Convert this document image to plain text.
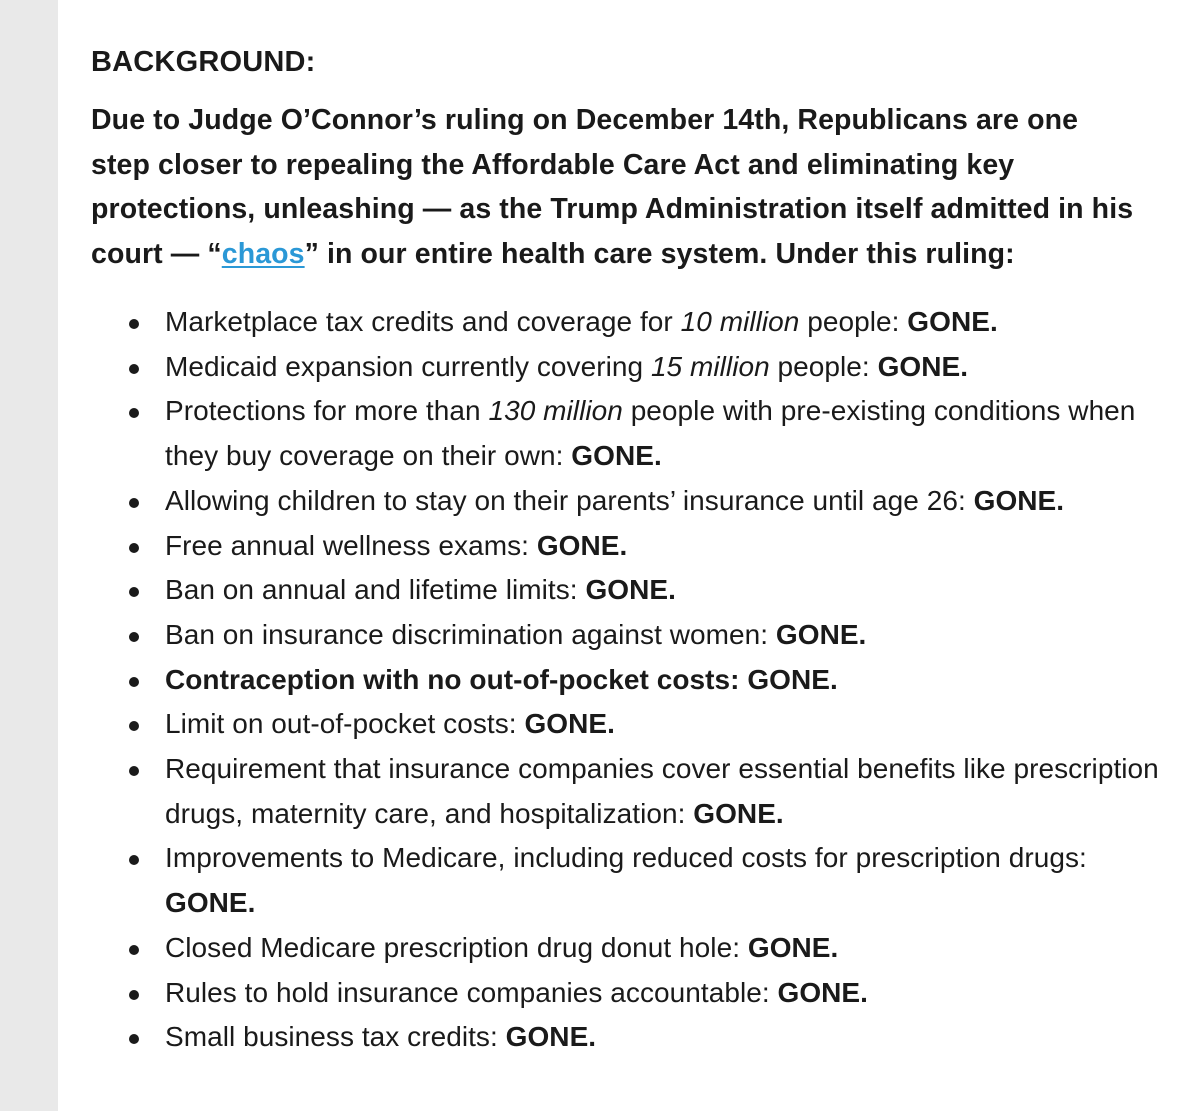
BACKGROUND:

Due to Judge O’Connor’s ruling on December 14th, Republicans are one step closer to repealing the Affordable Care Act and eliminating key protections, unleashing — as the Trump Administration itself admitted in his court — “chaos” in our entire health care system. Under this ruling:

Marketplace tax credits and coverage for 10 million people: GONE.
Medicaid expansion currently covering 15 million people: GONE.
Protections for more than 130 million people with pre-existing conditions when they buy coverage on their own: GONE.
Allowing children to stay on their parents’ insurance until age 26: GONE.
Free annual wellness exams: GONE.
Ban on annual and lifetime limits: GONE.
Ban on insurance discrimination against women: GONE.
Contraception with no out-of-pocket costs: GONE.
Limit on out-of-pocket costs: GONE.
Requirement that insurance companies cover essential benefits like prescription drugs, maternity care, and hospitalization: GONE.
Improvements to Medicare, including reduced costs for prescription drugs: GONE.
Closed Medicare prescription drug donut hole: GONE.
Rules to hold insurance companies accountable: GONE.
Small business tax credits: GONE.
